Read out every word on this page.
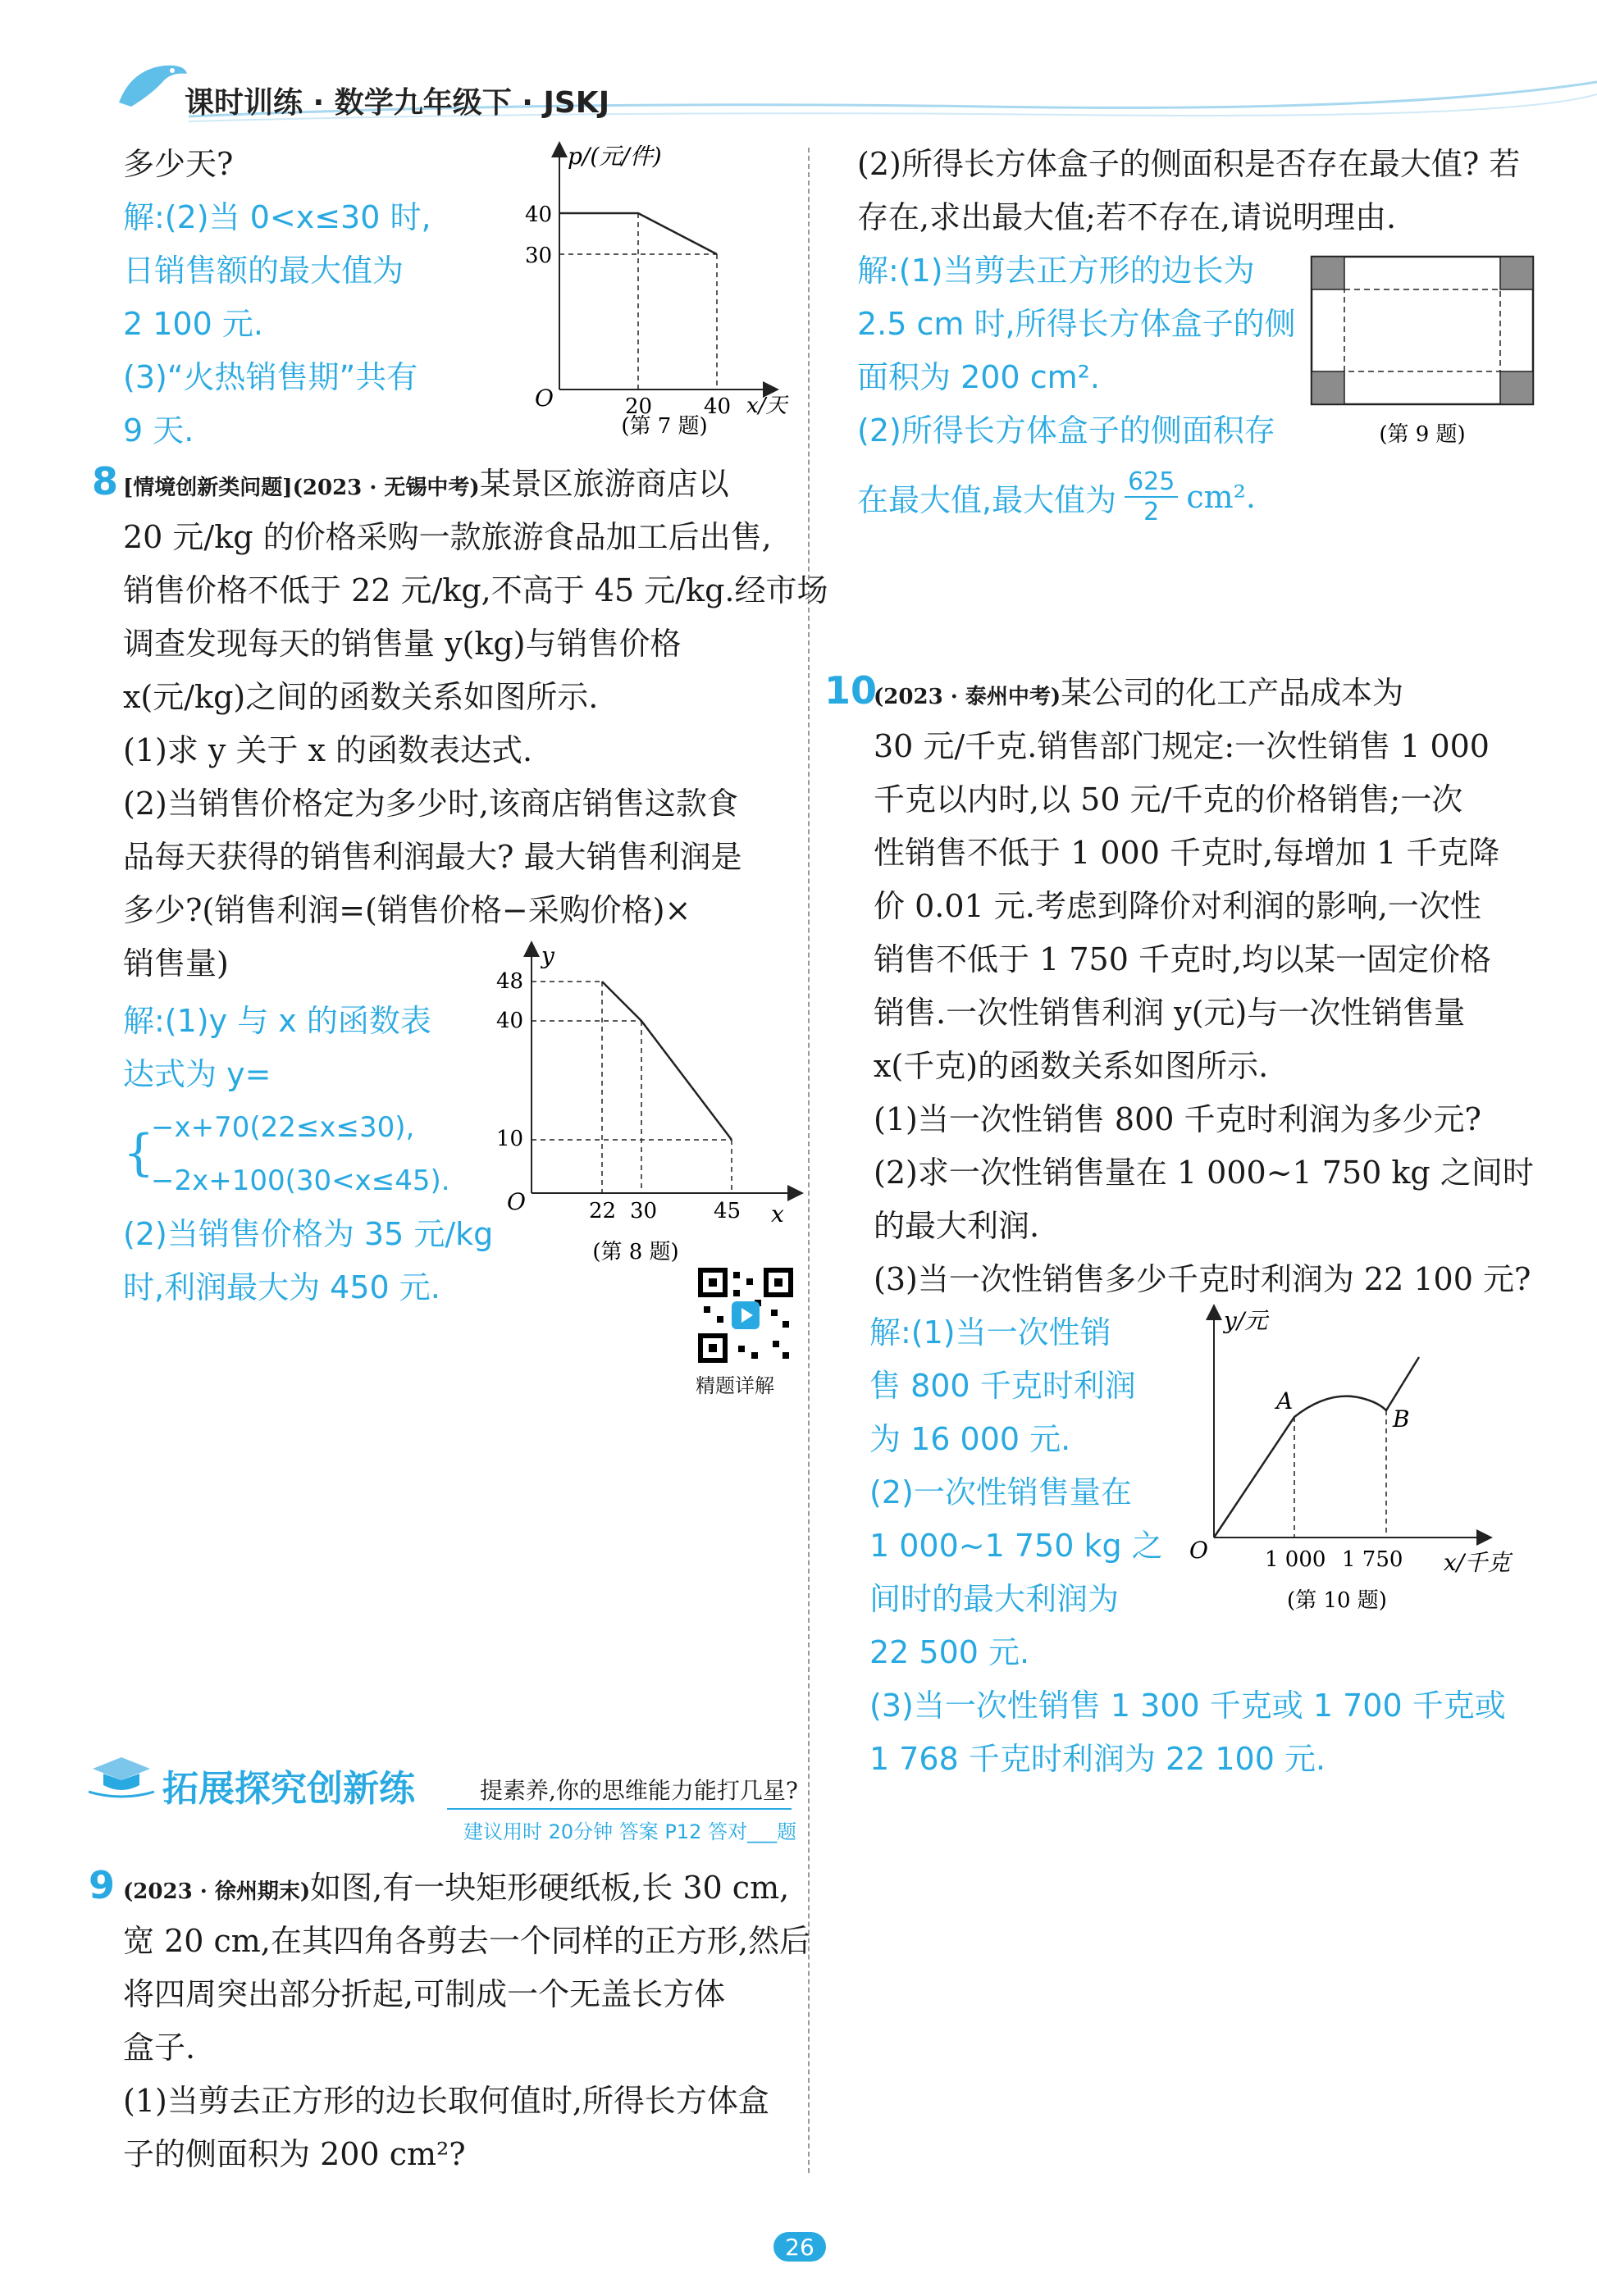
课时训练 · 数学九年级下 · JSKJ
多少天?
解:(2)当 0<x≤30 时,
日销售额的最大值为
2 100 元.
(3)“火热销售期”共有
9 天.
p/(元/件)
x/天
O
40
30
20 40
(第 7 题)
8 [情境创新类问题](2023 · 无锡中考)某景区旅游商店以
20 元/kg 的价格采购一款旅游食品加工后出售,
销售价格不低于 22 元/kg,不高于 45 元/kg.经市场
调查发现每天的销售量 y(kg)与销售价格
x(元/kg)之间的函数关系如图所示.
(1)求 y 关于 x 的函数表达式.
(2)当销售价格定为多少时,该商店销售这款食
品每天获得的销售利润最大? 最大销售利润是
多少?(销售利润=(销售价格−采购价格)×
销售量)
解:(1)y 与 x 的函数表
达式为 y=
{
−x+70(22≤x≤30),
−2x+100(30<x≤45).
(2)当销售价格为 35 元/kg
时,利润最大为 450 元.
y
x
O
48
40
10
22 30	45
(第 8 题)
精题详解
拓展探究创新练	提素养,你的思维能力能打几星?
建议用时 20分钟 答案 P12 答对___题
9 (2023 · 徐州期末)如图,有一块矩形硬纸板,长 30 cm,
宽 20 cm,在其四角各剪去一个同样的正方形,然后
将四周突出部分折起,可制成一个无盖长方体
盒子.
(1)当剪去正方形的边长取何值时,所得长方体盒
子的侧面积为 200 cm²?
(2)所得长方体盒子的侧面积是否存在最大值? 若
存在,求出最大值;若不存在,请说明理由.
解:(1)当剪去正方形的边长为
2.5 cm 时,所得长方体盒子的侧
面积为 200 cm².
(2)所得长方体盒子的侧面积存
在最大值,最大值为 $\frac{625}{2} cm^2$.
(第 9 题)
10
(2023 · 泰州中考)某公司的化工产品成本为
30 元/千克.销售部门规定:一次性销售 1 000
千克以内时,以 50 元/千克的价格销售;一次
性销售不低于 1 000 千克时,每增加 1 千克降
价 0.01 元.考虑到降价对利润的影响,一次性
销售不低于 1 750 千克时,均以某一固定价格
销售.一次性销售利润 y(元)与一次性销售量
x(千克)的函数关系如图所示.
(1)当一次性销售 800 千克时利润为多少元?
(2)求一次性销售量在 1 000~1 750 kg 之间时
的最大利润.
(3)当一次性销售多少千克时利润为 22 100 元?
解:(1)当一次性销
售 800 千克时利润
为 16 000 元.
(2)一次性销售量在
1 000~1 750 kg 之
间时的最大利润为
22 500 元.
(3)当一次性销售 1 300 千克或 1 700 千克或
1 768 千克时利润为 22 100 元.
y/元
x/千克
O	1 000 1 750
A
B
(第 10 题)
26
